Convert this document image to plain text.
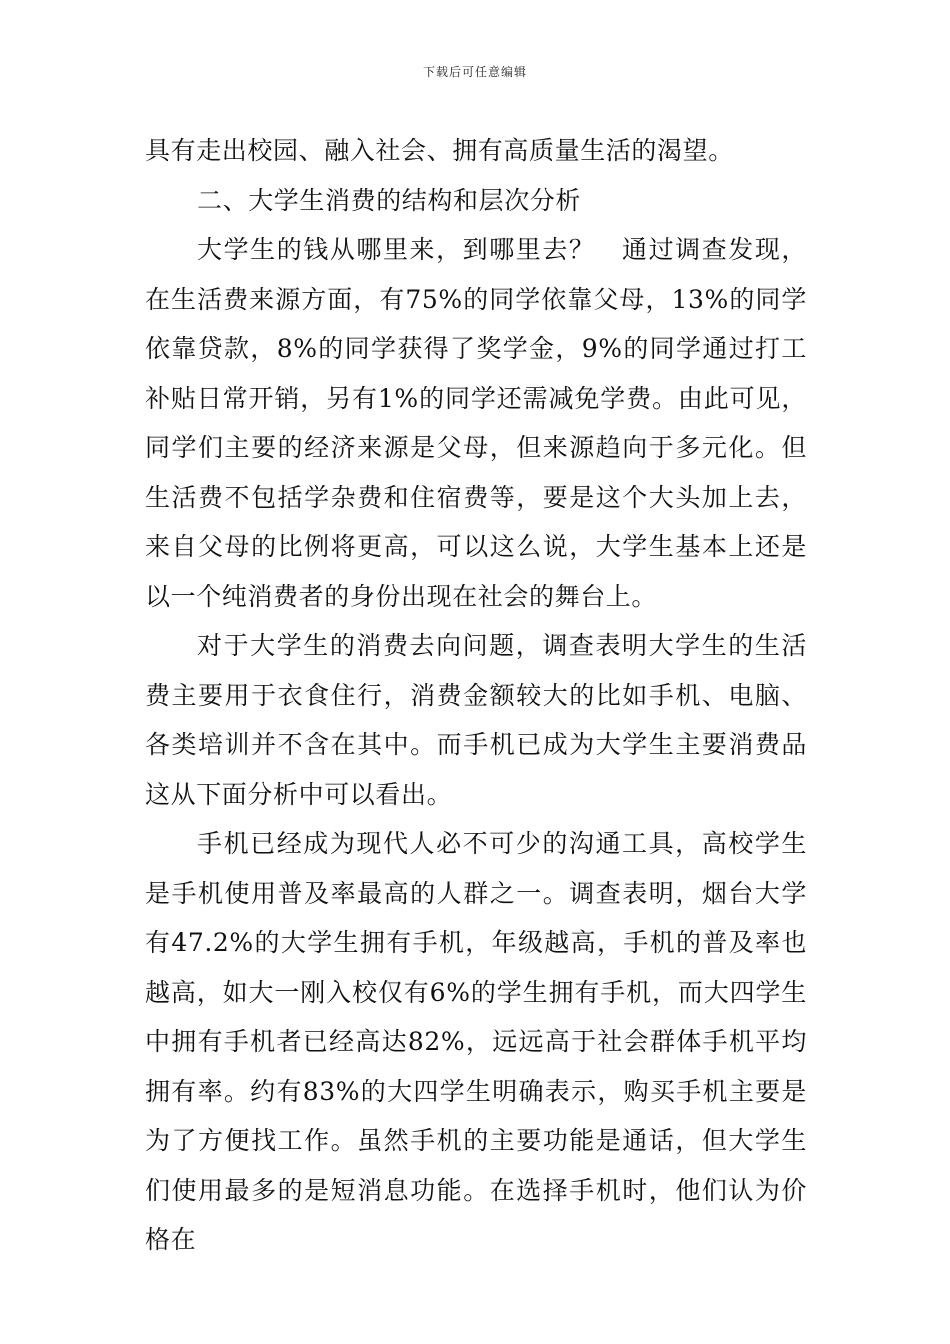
下载后可任意编辑

具有走出校园、融入社会、拥有高质量生活的渴望。

二、大学生消费的结构和层次分析

大学生的钱从哪里来，到哪里去？　通过调查发现，在生活费来源方面，有75%的同学依靠父母，13%的同学依靠贷款，8%的同学获得了奖学金，9%的同学通过打工补贴日常开销，另有1%的同学还需减免学费。由此可见，同学们主要的经济来源是父母，但来源趋向于多元化。但生活费不包括学杂费和住宿费等，要是这个大头加上去，来自父母的比例将更高，可以这么说，大学生基本上还是以一个纯消费者的身份出现在社会的舞台上。

对于大学生的消费去向问题，调查表明大学生的生活费主要用于衣食住行，消费金额较大的比如手机、电脑、各类培训并不含在其中。而手机已成为大学生主要消费品这从下面分析中可以看出。

手机已经成为现代人必不可少的沟通工具，高校学生是手机使用普及率最高的人群之一。调查表明，烟台大学有47.2%的大学生拥有手机，年级越高，手机的普及率也越高，如大一刚入校仅有6%的学生拥有手机，而大四学生中拥有手机者已经高达82%，远远高于社会群体手机平均拥有率。约有83%的大四学生明确表示，购买手机主要是为了方便找工作。虽然手机的主要功能是通话，但大学生们使用最多的是短消息功能。在选择手机时，他们认为价格在
